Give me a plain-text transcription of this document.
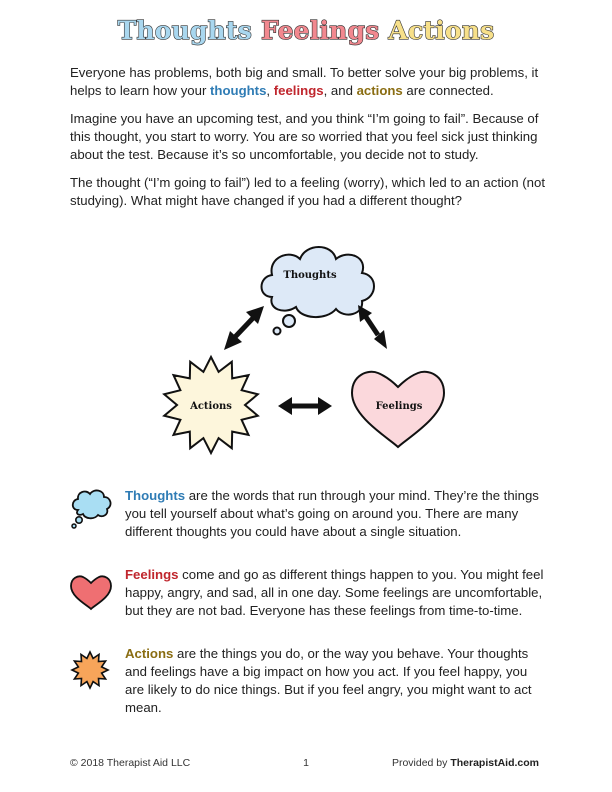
Thoughts Feelings Actions

Everyone has problems, both big and small. To better solve your big problems, it helps to learn how your thoughts, feelings, and actions are connected.

Imagine you have an upcoming test, and you think “I’m going to fail”. Because of this thought, you start to worry. You are so worried that you feel sick just thinking about the test. Because it’s so uncomfortable, you decide not to study.

The thought (“I’m going to fail”) led to a feeling (worry), which led to an action (not studying). What might have changed if you had a different thought?

Thoughts
Actions	Feelings
Thoughts are the words that run through your mind. They’re the things you tell yourself about what’s going on around you. There are many different thoughts you could have about a single situation.
Feelings come and go as different things happen to you. You might feel happy, angry, and sad, all in one day. Some feelings are uncomfortable, but they are not bad. Everyone has these feelings from time-to-time.
Actions are the things you do, or the way you behave. Your thoughts and feelings have a big impact on how you act. If you feel happy, you are likely to do nice things. But if you feel angry, you might want to act mean.
© 2018 Therapist Aid LLC	1	Provided by TherapistAid.com
